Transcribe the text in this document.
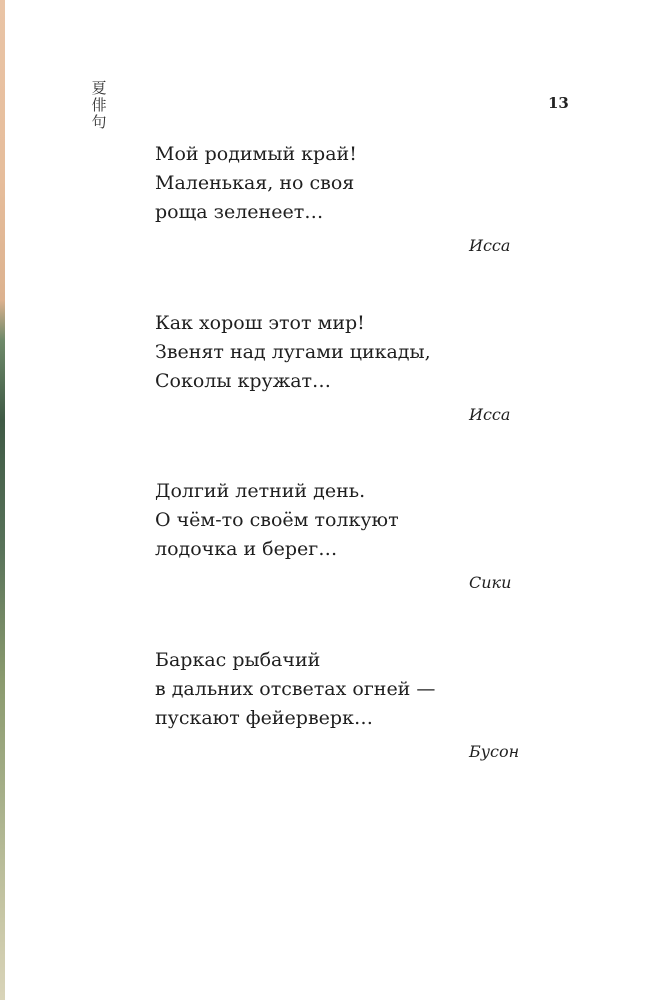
夏
俳
句
13
Мой родимый край!
Маленькая, но своя
роща зеленеет…
Исса
Как хорош этот мир!
Звенят над лугами цикады,
Соколы кружат…
Исса
Долгий летний день.
О чём-то своём толкуют
лодочка и берег…
Сики
Баркас рыбачий
в дальних отсветах огней —
пускают фейерверк…
Бусон
